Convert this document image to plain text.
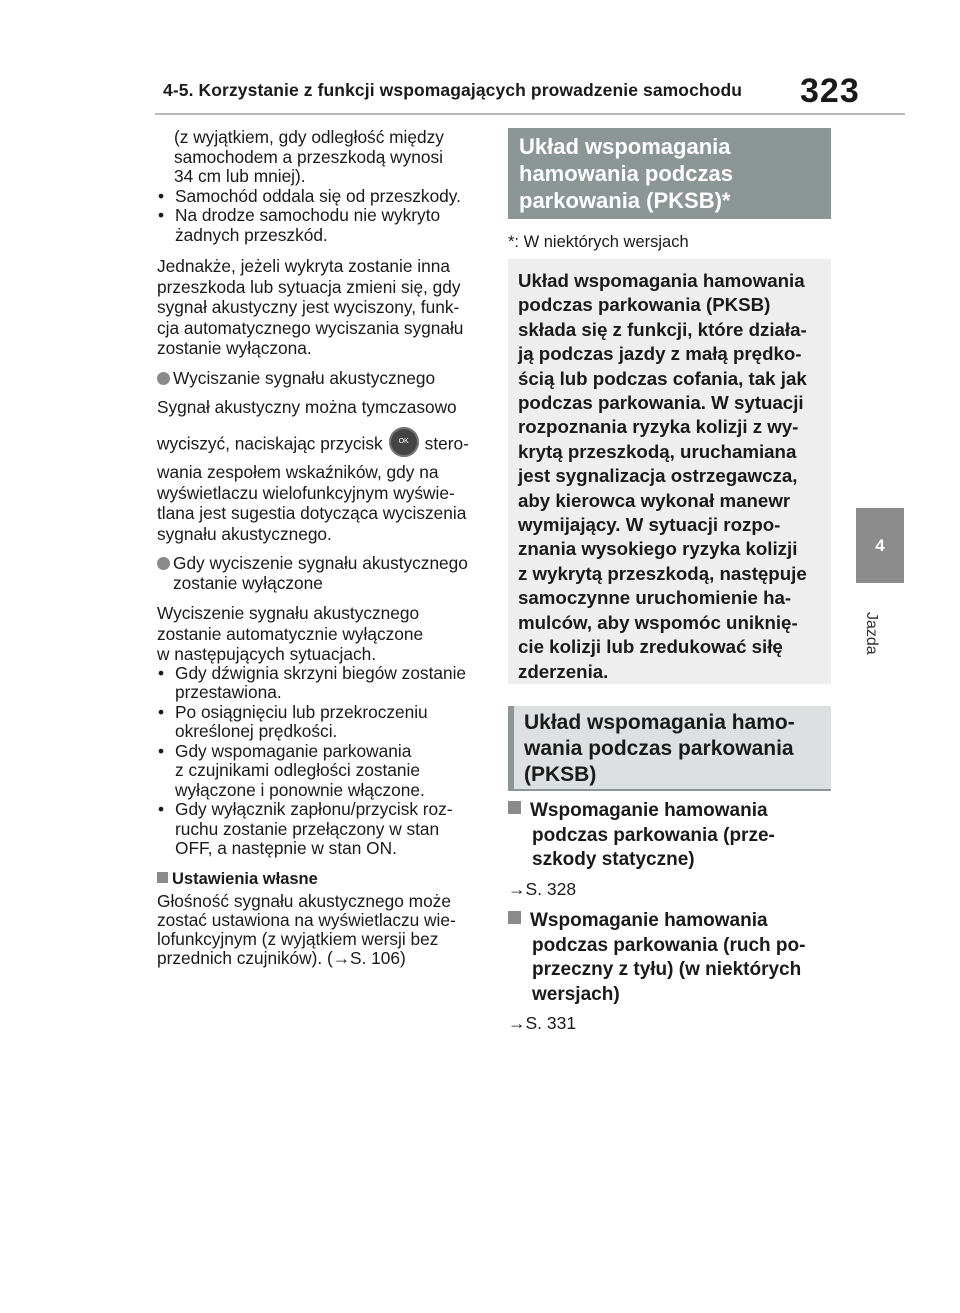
4-5. Korzystanie z funkcji wspomagających prowadzenie samochodu 323
4
Jazda
(z wyjątkiem, gdy odległość między
samochodem a przeszkodą wynosi
34 cm lub mniej).
• Samochód oddala się od przeszkody.
• Na drodze samochodu nie wykryto
żadnych przeszkód.
Jednakże, jeżeli wykryta zostanie inna
przeszkoda lub sytuacja zmieni się, gdy
sygnał akustyczny jest wyciszony, funk-
cja automatycznego wyciszania sygnału
zostanie wyłączona.
Wyciszanie sygnału akustycznego
Sygnał akustyczny można tymczasowo
wyciszyć, naciskając przycisk OK stero-
wania zespołem wskaźników, gdy na
wyświetlaczu wielofunkcyjnym wyświe-
tlana jest sugestia dotycząca wyciszenia
sygnału akustycznego.
Gdy wyciszenie sygnału akustycznego
zostanie wyłączone
Wyciszenie sygnału akustycznego
zostanie automatycznie wyłączone
w następujących sytuacjach.
• Gdy dźwignia skrzyni biegów zostanie
przestawiona.
• Po osiągnięciu lub przekroczeniu
określonej prędkości.
• Gdy wspomaganie parkowania
z czujnikami odległości zostanie
wyłączone i ponownie włączone.
• Gdy wyłącznik zapłonu/przycisk roz-
ruchu zostanie przełączony w stan
OFF, a następnie w stan ON.
Ustawienia własne
Głośność sygnału akustycznego może
zostać ustawiona na wyświetlaczu wie-
lofunkcyjnym (z wyjątkiem wersji bez
przednich czujników). (→S. 106)
Układ wspomagania
hamowania podczas
parkowania (PKSB)*
*: W niektórych wersjach
Układ wspomagania hamowania
podczas parkowania (PKSB)
składa się z funkcji, które działa-
ją podczas jazdy z małą prędko-
ścią lub podczas cofania, tak jak
podczas parkowania. W sytuacji
rozpoznania ryzyka kolizji z wy-
krytą przeszkodą, uruchamiana
jest sygnalizacja ostrzegawcza,
aby kierowca wykonał manewr
wymijający. W sytuacji rozpo-
znania wysokiego ryzyka kolizji
z wykrytą przeszkodą, następuje
samoczynne uruchomienie ha-
mulców, aby wspomóc uniknię-
cie kolizji lub zredukować siłę
zderzenia.
Układ wspomagania hamo-
wania podczas parkowania
(PKSB)
Wspomaganie hamowania
podczas parkowania (prze-
szkody statyczne)
→S. 328
Wspomaganie hamowania
podczas parkowania (ruch po-
przeczny z tyłu) (w niektórych
wersjach)
→S. 331
